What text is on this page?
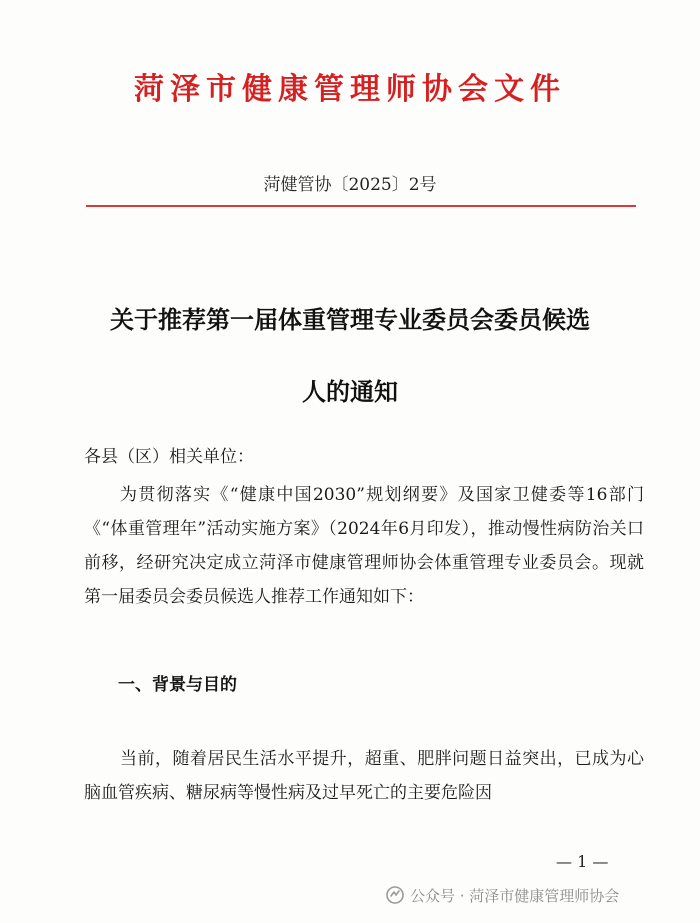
菏泽市健康管理师协会文件
菏健管协〔2025〕2号
关于推荐第一届体重管理专业委员会委员候选
人的通知
各县（区）相关单位：
为贯彻落实《“健康中国2030”规划纲要》及国家卫健委等16部门《“体重管理年”活动实施方案》（2024年6月印发），推动慢性病防治关口前移，经研究决定成立菏泽市健康管理师协会体重管理专业委员会。现就第一届委员会委员候选人推荐工作通知如下：
一、背景与目的
当前，随着居民生活水平提升，超重、肥胖问题日益突出，已成为心脑血管疾病、糖尿病等慢性病及过早死亡的主要危险因
— 1 —
公众号 · 菏泽市健康管理师协会
